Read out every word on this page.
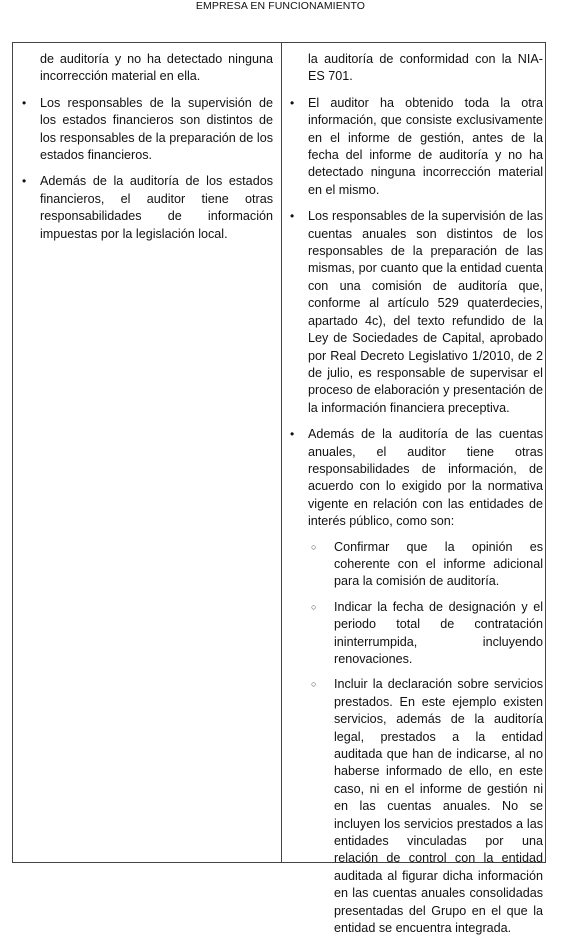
EMPRESA EN FUNCIONAMIENTO

de auditoría y no ha detectado ninguna incorrección material en ella.

• Los responsables de la supervisión de los estados financieros son distintos de los responsables de la preparación de los estados financieros.

• Además de la auditoría de los estados financieros, el auditor tiene otras responsabilidades de información impuestas por la legislación local.

la auditoría de conformidad con la NIA-ES 701.

• El auditor ha obtenido toda la otra información, que consiste exclusivamente en el informe de gestión, antes de la fecha del informe de auditoría y no ha detectado ninguna incorrección material en el mismo.

• Los responsables de la supervisión de las cuentas anuales son distintos de los responsables de la preparación de las mismas, por cuanto que la entidad cuenta con una comisión de auditoría que, conforme al artículo 529 quaterdecies, apartado 4c), del texto refundido de la Ley de Sociedades de Capital, aprobado por Real Decreto Legislativo 1/2010, de 2 de julio, es responsable de supervisar el proceso de elaboración y presentación de la información financiera preceptiva.

• Además de la auditoría de las cuentas anuales, el auditor tiene otras responsabilidades de información, de acuerdo con lo exigido por la normativa vigente en relación con las entidades de interés público, como son:

○ Confirmar que la opinión es coherente con el informe adicional para la comisión de auditoría.

○ Indicar la fecha de designación y el periodo total de contratación ininterrumpida, incluyendo renovaciones.

○ Incluir la declaración sobre servicios prestados. En este ejemplo existen servicios, además de la auditoría legal, prestados a la entidad auditada que han de indicarse, al no haberse informado de ello, en este caso, ni en el informe de gestión ni en las cuentas anuales. No se incluyen los servicios prestados a las entidades vinculadas por una relación de control con la entidad auditada al figurar dicha información en las cuentas anuales consolidadas presentadas del Grupo en el que la entidad se encuentra integrada.
